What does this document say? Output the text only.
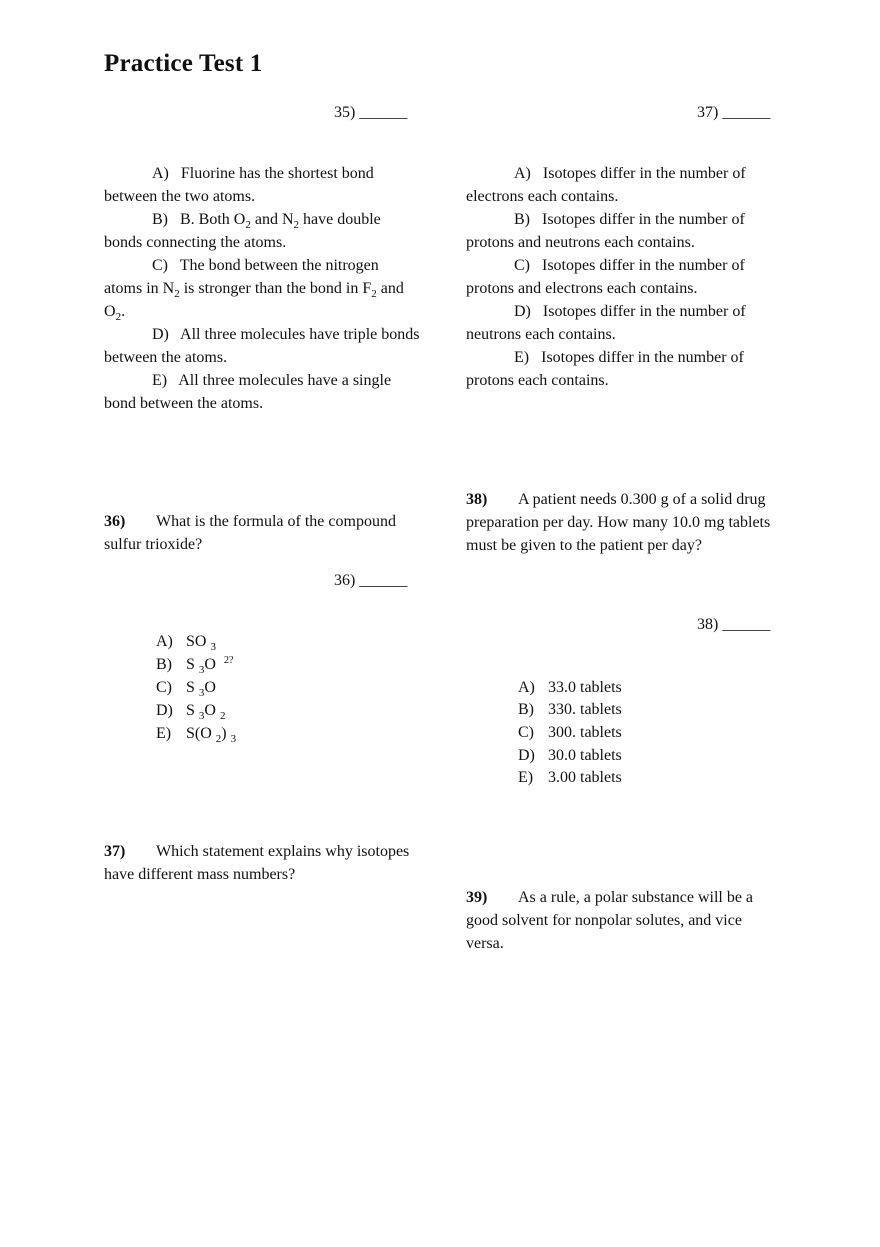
Practice Test 1
35) ______

A) Fluorine has the shortest bond between the two atoms.

B) B. Both $O_2$ and $N_2$ have double bonds connecting the atoms.

C) The bond between the nitrogen atoms in $N_2$ is stronger than the bond in $F_2$ and $O_2$.

D) All three molecules have triple bonds between the atoms.

E) All three molecules have a single bond between the atoms.

36) What is the formula of the compound sulfur trioxide?

36) ______
A) SO $_3$
B) S $_3$O $^{2?}$
C) S $_3$O
D) S $_3$O $_2$
E) S(O $_2$) $_3$

37) Which statement explains why isotopes have different mass numbers?

37) ______

A) Isotopes differ in the number of electrons each contains.

B) Isotopes differ in the number of protons and neutrons each contains.

C) Isotopes differ in the number of protons and electrons each contains.

D) Isotopes differ in the number of neutrons each contains.

E) Isotopes differ in the number of protons each contains.

38) A patient needs 0.300 g of a solid drug preparation per day. How many 10.0 mg tablets must be given to the patient per day?

38) ______
A) 33.0 tablets
B) 330. tablets
C) 300. tablets
D) 30.0 tablets
E) 3.00 tablets

39) As a rule, a polar substance will be a good solvent for nonpolar solutes, and vice versa.
